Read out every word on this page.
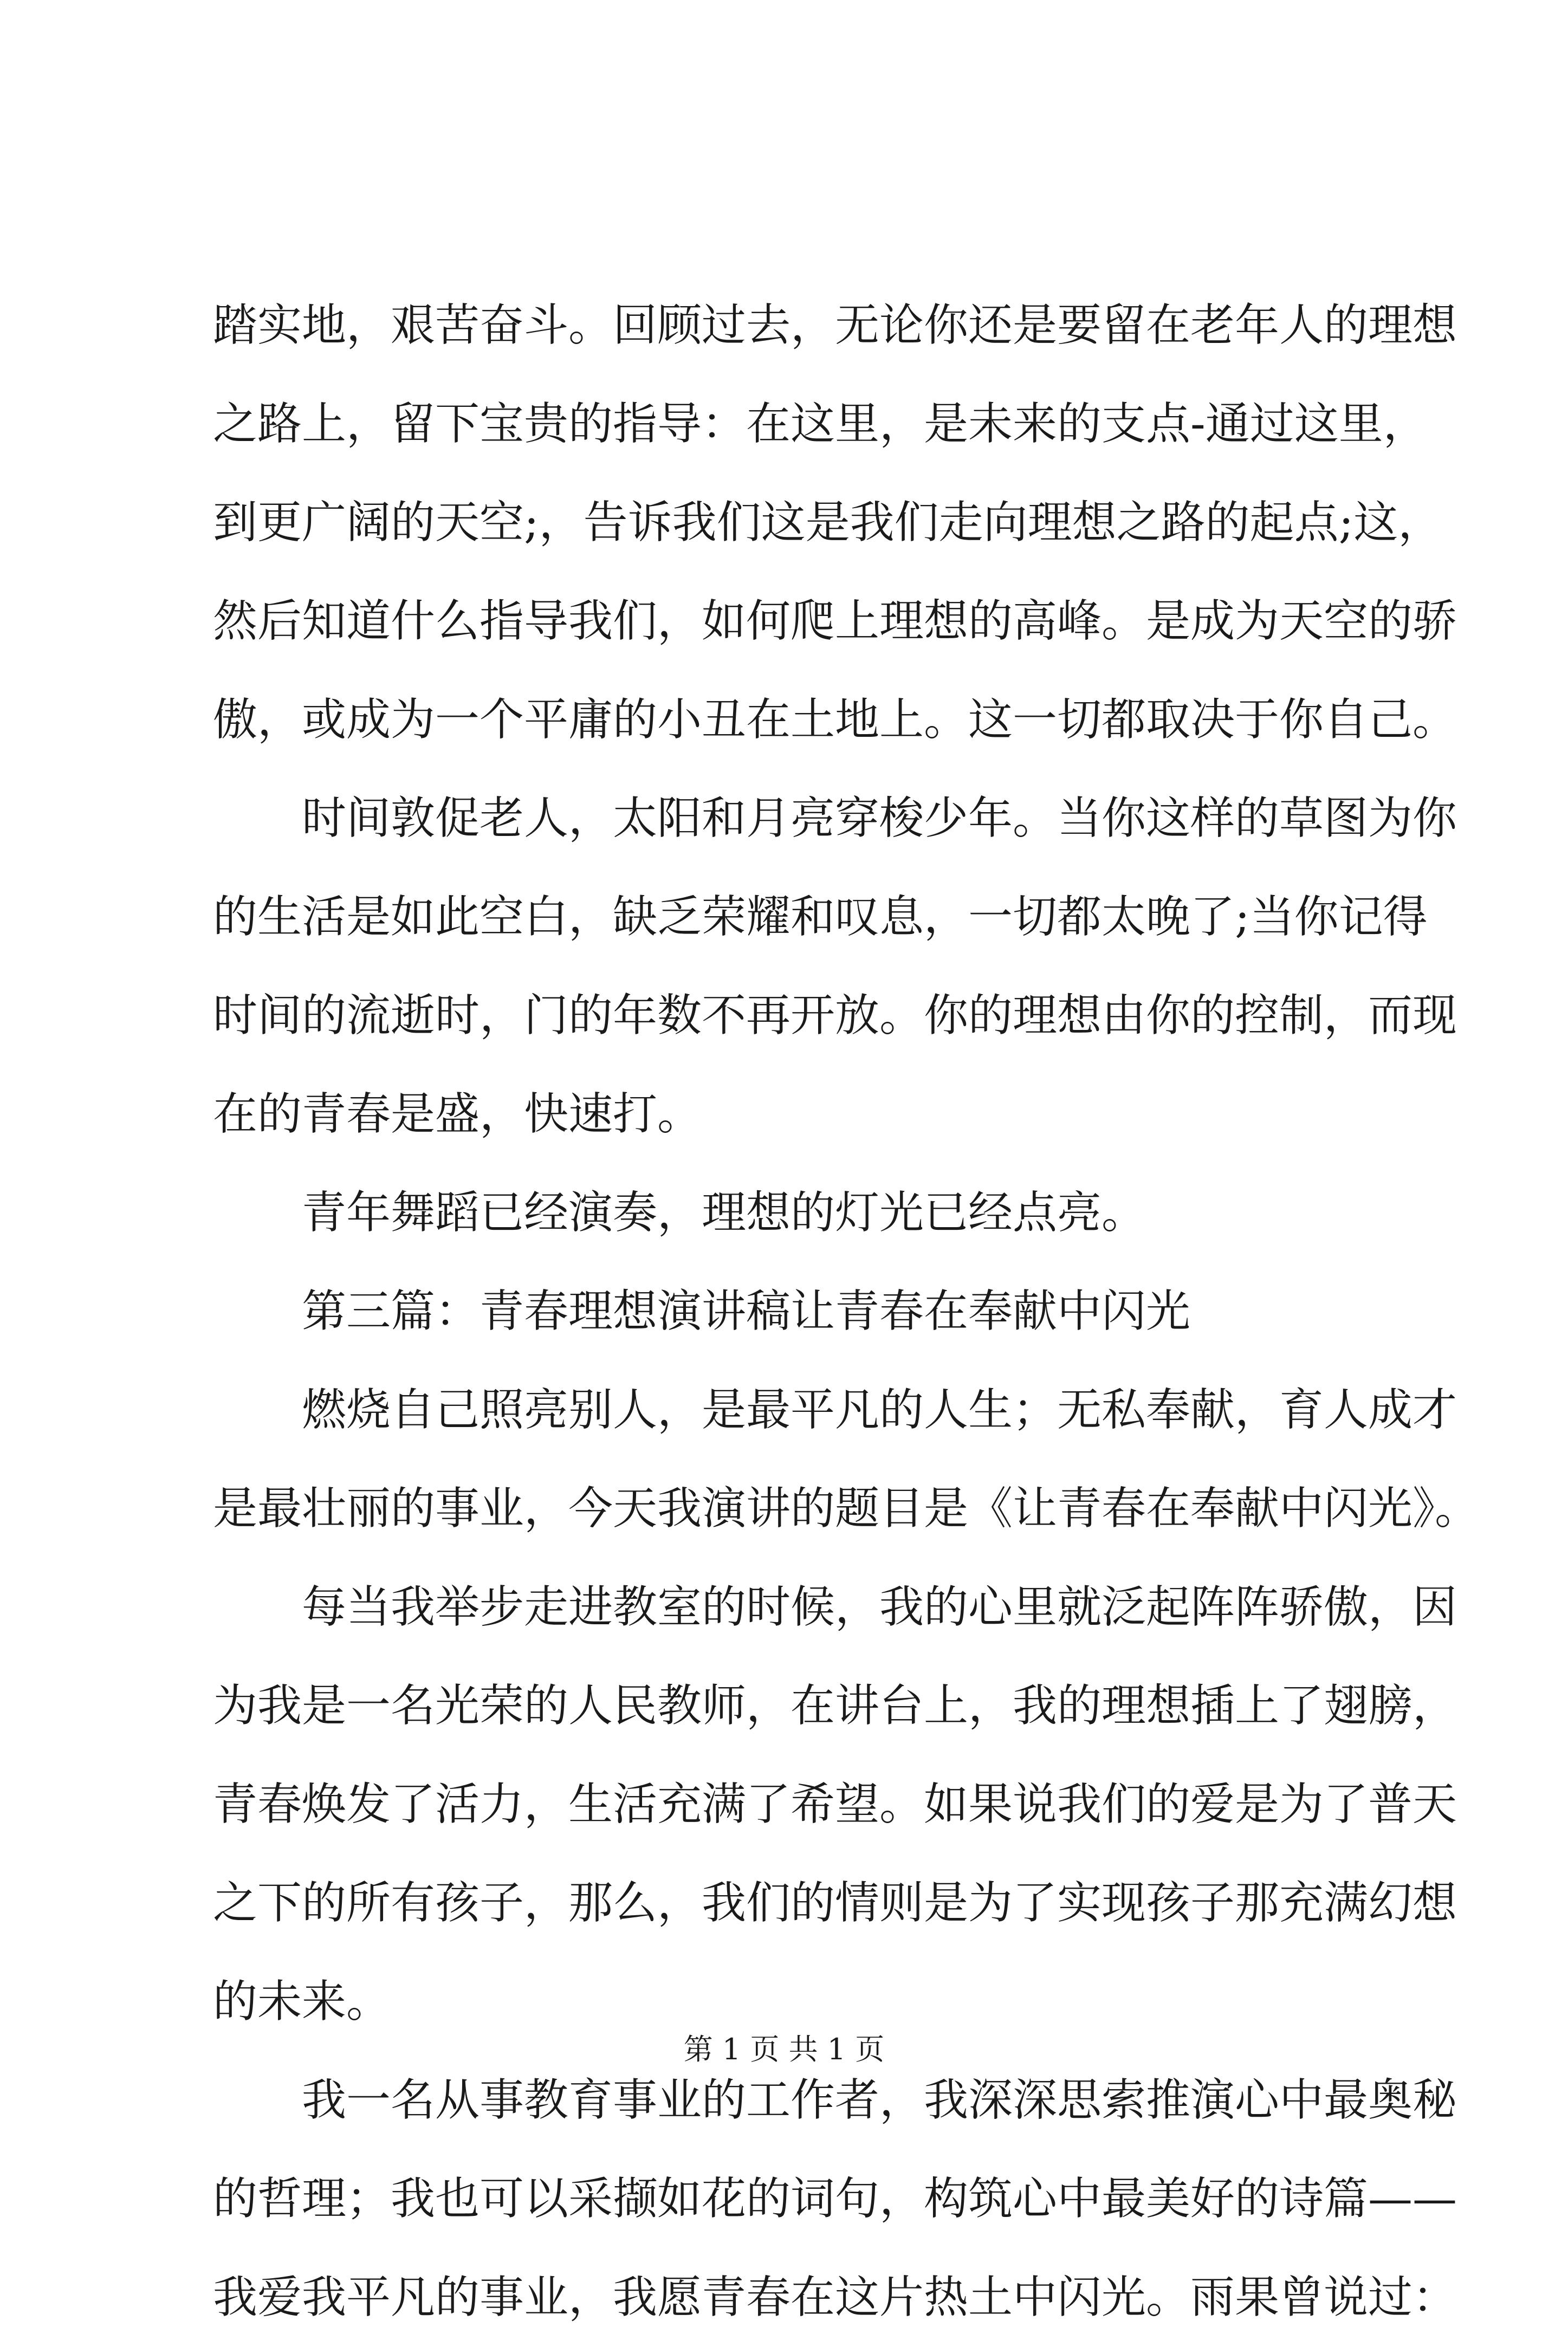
踏实地，艰苦奋斗。回顾过去，无论你还是要留在老年人的理想
之路上，留下宝贵的指导：在这里，是未来的支点-通过这里，
到更广阔的天空;，告诉我们这是我们走向理想之路的起点;这，
然后知道什么指导我们，如何爬上理想的高峰。是成为天空的骄
傲，或成为一个平庸的小丑在土地上。这一切都取决于你自己。
时间敦促老人，太阳和月亮穿梭少年。当你这样的草图为你
的生活是如此空白，缺乏荣耀和叹息，一切都太晚了;当你记得
时间的流逝时，门的年数不再开放。你的理想由你的控制，而现
在的青春是盛，快速打。
青年舞蹈已经演奏，理想的灯光已经点亮。
第三篇：青春理想演讲稿让青春在奉献中闪光
燃烧自己照亮别人，是最平凡的人生；无私奉献，育人成才
是最壮丽的事业，今天我演讲的题目是《让青春在奉献中闪光》。
每当我举步走进教室的时候，我的心里就泛起阵阵骄傲，因
为我是一名光荣的人民教师，在讲台上，我的理想插上了翅膀，
青春焕发了活力，生活充满了希望。如果说我们的爱是为了普天
之下的所有孩子，那么，我们的情则是为了实现孩子那充满幻想
的未来。
我一名从事教育事业的工作者，我深深思索推演心中最奥秘
的哲理；我也可以采撷如花的词句，构筑心中最美好的诗篇——
我爱我平凡的事业，我愿青春在这片热土中闪光。雨果曾说过：
第 1 页 共 1 页
